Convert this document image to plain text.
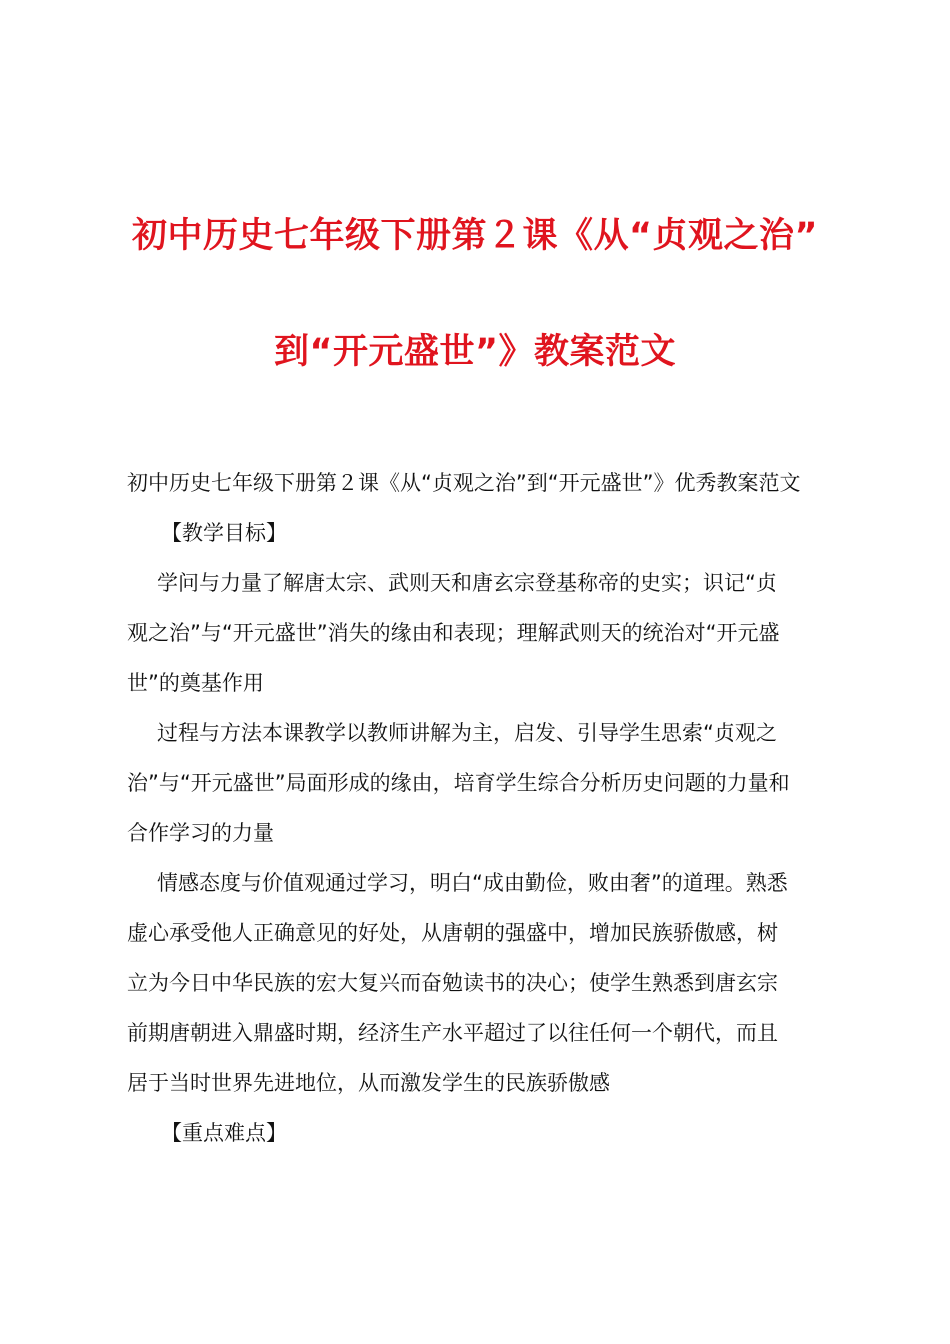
初中历史七年级下册第２课《从“贞观之治”
到“开元盛世”》教案范文
初中历史七年级下册第２课《从“贞观之治”到“开元盛世”》优秀教案范文
【教学目标】
学问与力量了解唐太宗、武则天和唐玄宗登基称帝的史实；识记“贞
观之治”与“开元盛世”消失的缘由和表现；理解武则天的统治对“开元盛
世”的奠基作用
过程与方法本课教学以教师讲解为主，启发、引导学生思索“贞观之
治”与“开元盛世”局面形成的缘由，培育学生综合分析历史问题的力量和
合作学习的力量
情感态度与价值观通过学习，明白“成由勤俭，败由奢”的道理。熟悉
虚心承受他人正确意见的好处，从唐朝的强盛中，增加民族骄傲感，树
立为今日中华民族的宏大复兴而奋勉读书的决心；使学生熟悉到唐玄宗
前期唐朝进入鼎盛时期，经济生产水平超过了以往任何一个朝代，而且
居于当时世界先进地位，从而激发学生的民族骄傲感
【重点难点】
